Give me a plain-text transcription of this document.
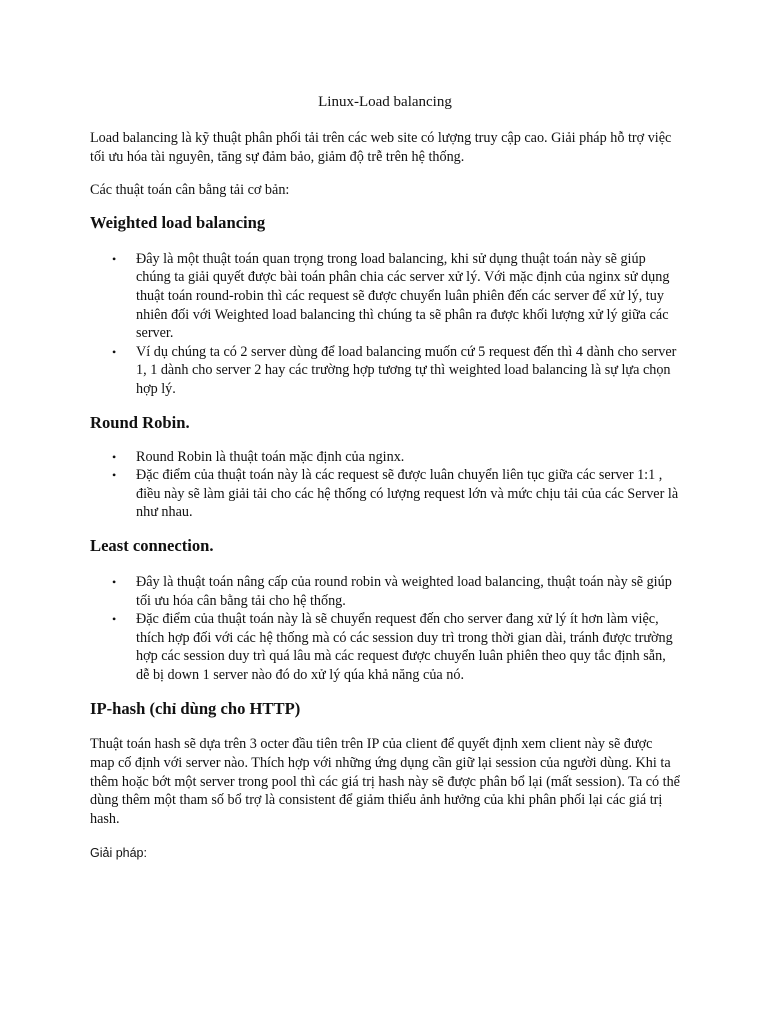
Linux-Load balancing

Load balancing là kỹ thuật phân phối tải trên các web site có lượng truy cập cao. Giải pháp hỗ trợ việc tối ưu hóa tài nguyên, tăng sự đảm bảo, giảm độ trễ trên hệ thống.

Các thuật toán cân bằng tải cơ bản:

Weighted load balancing
• Đây là một thuật toán quan trọng trong load balancing, khi sử dụng thuật toán này sẽ giúp chúng ta giải quyết được bài toán phân chia các server xử lý. Với mặc định của nginx sử dụng thuật toán round-robin thì các request sẽ được chuyển luân phiên đến các server để xử lý, tuy nhiên đối với Weighted load balancing thì chúng ta sẽ phân ra được khối lượng xử lý giữa các server.
• Ví dụ chúng ta có 2 server dùng để load balancing muốn cứ 5 request đến thì 4 dành cho server 1, 1 dành cho server 2 hay các trường hợp tương tự thì weighted load balancing là sự lựa chọn hợp lý.
Round Robin.
• Round Robin là thuật toán mặc định của nginx.
• Đặc điểm của thuật toán này là các request sẽ được luân chuyển liên tục giữa các server 1:1 , điều này sẽ làm giải tải cho các hệ thống có lượng request lớn và mức chịu tải của các Server là như nhau.
Least connection.
• Đây là thuật toán nâng cấp của round robin và weighted load balancing, thuật toán này sẽ giúp tối ưu hóa cân bằng tải cho hệ thống.
• Đặc điểm của thuật toán này là sẽ chuyển request đến cho server đang xử lý ít hơn làm việc, thích hợp đối với các hệ thống mà có các session duy trì trong thời gian dài, tránh được trường hợp các session duy trì quá lâu mà các request được chuyển luân phiên theo quy tắc định sẵn, dễ bị down 1 server nào đó do xử lý qúa khả năng của nó.
IP-hash (chỉ dùng cho HTTP)

Thuật toán hash sẽ dựa trên 3 octer đầu tiên trên IP của client để quyết định xem client này sẽ được map cố định với server nào. Thích hợp với những ứng dụng cần giữ lại session của người dùng. Khi ta thêm hoặc bớt một server trong pool thì các giá trị hash này sẽ được phân bổ lại (mất session). Ta có thể dùng thêm một tham số bổ trợ là consistent để giảm thiểu ảnh hưởng của khi phân phối lại các giá trị hash.

Giải pháp:
